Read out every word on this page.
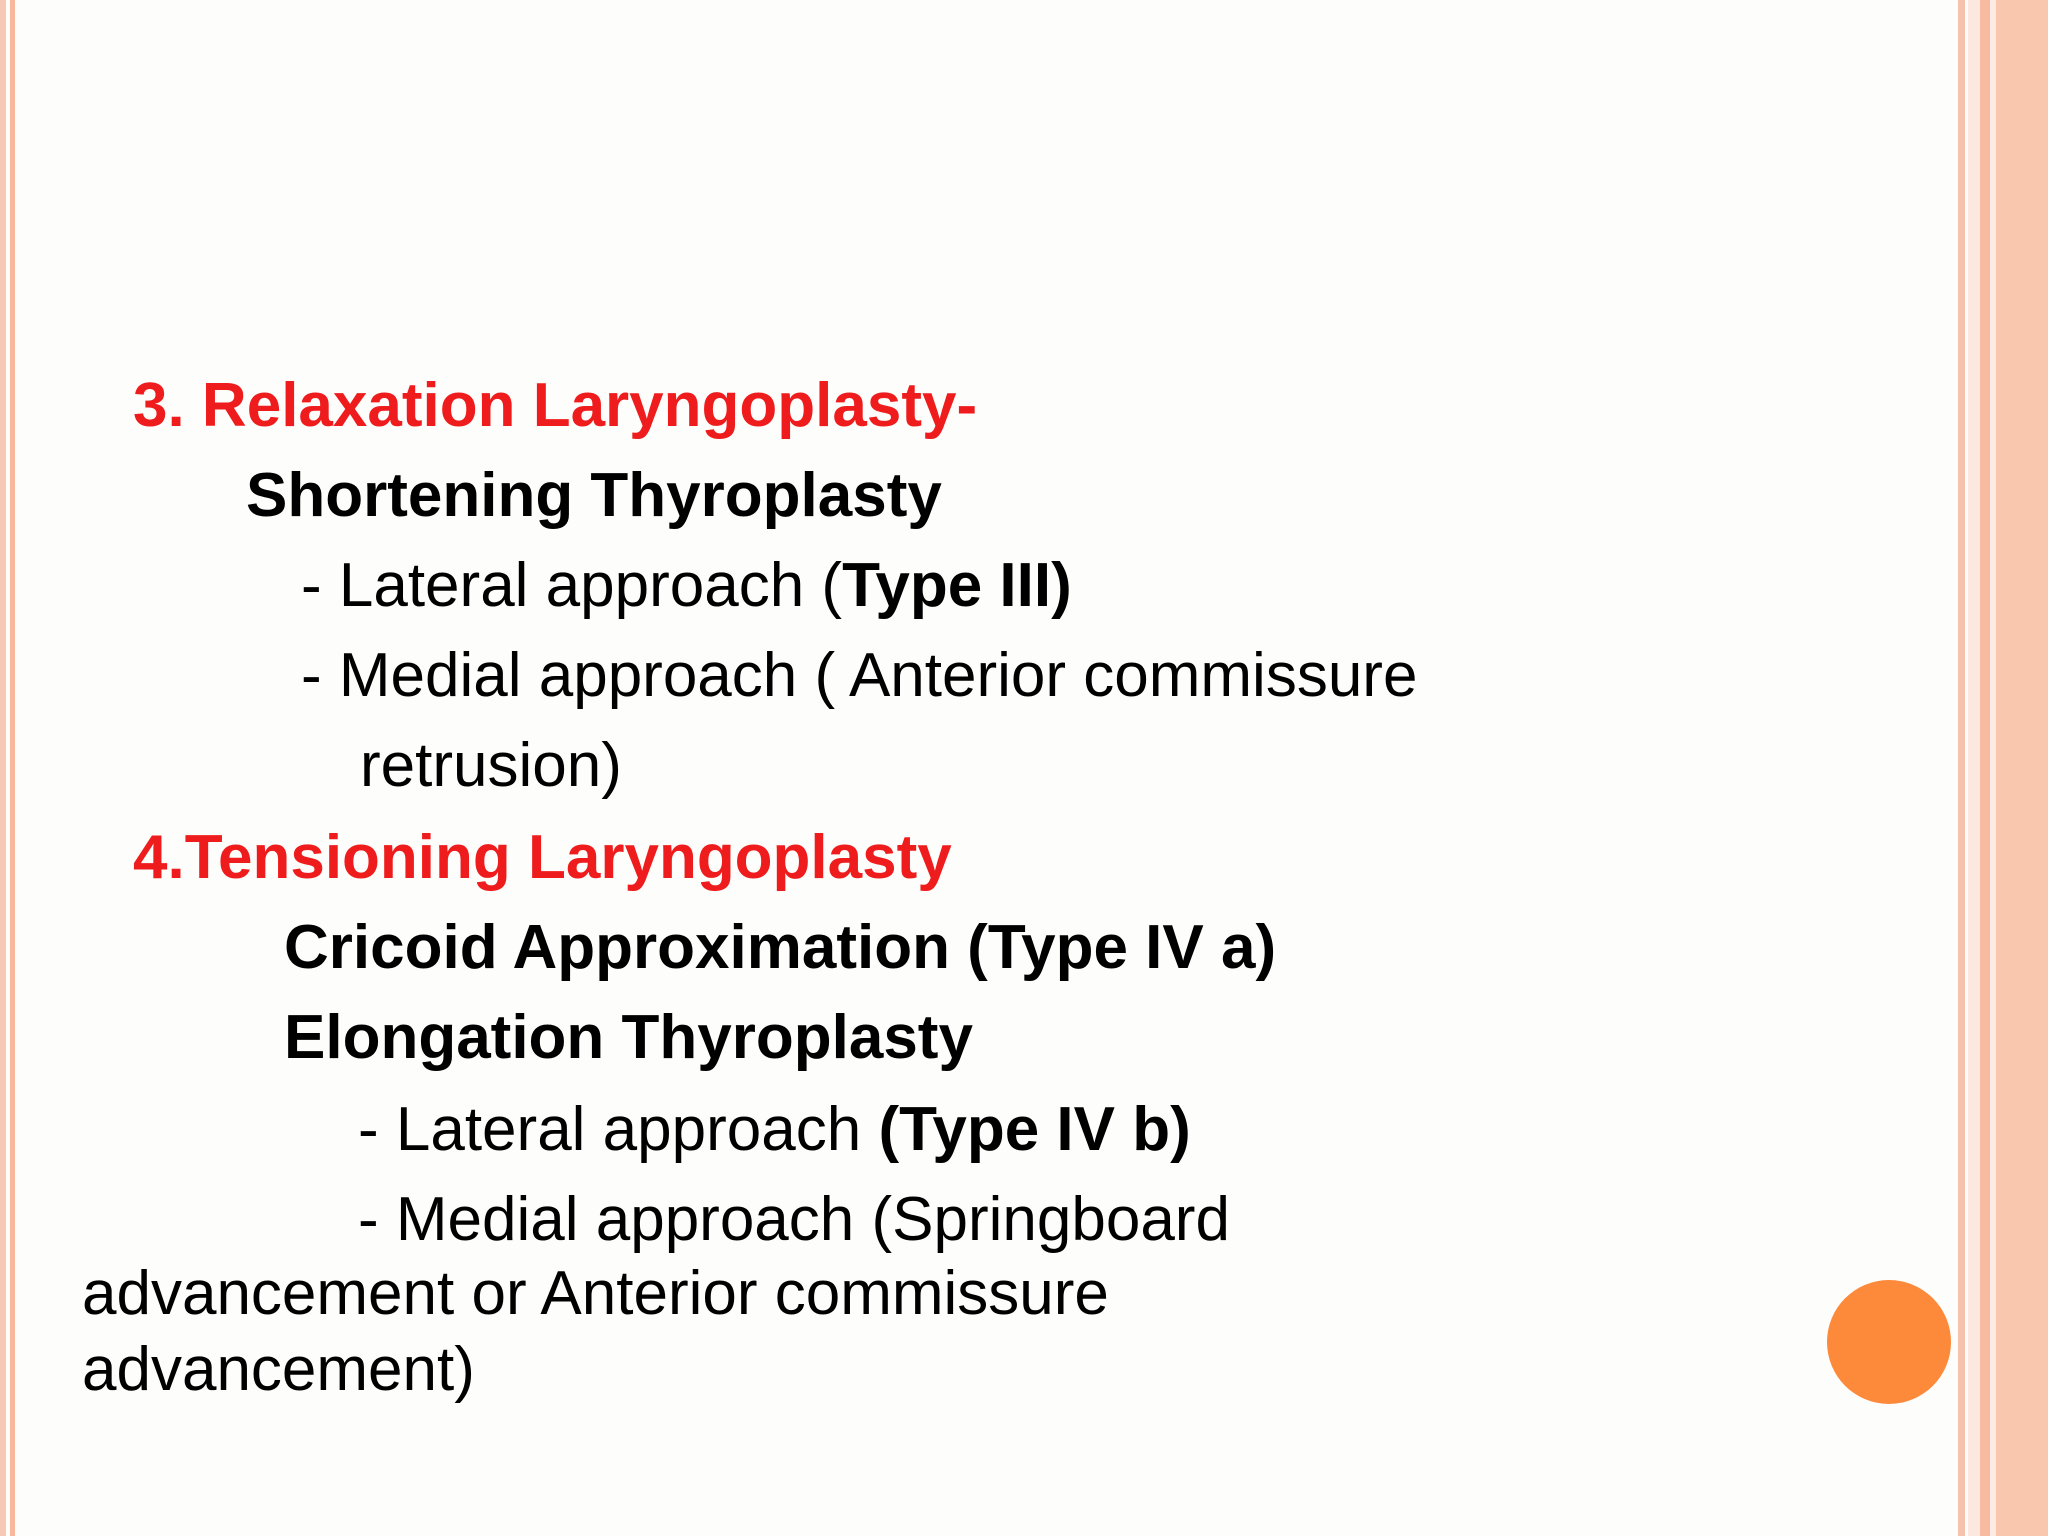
3. Relaxation Laryngoplasty-
Shortening Thyroplasty
- Lateral approach (Type III)
- Medial approach ( Anterior commissure
retrusion)
4.Tensioning Laryngoplasty
Cricoid Approximation (Type IV a)
Elongation Thyroplasty
- Lateral approach (Type IV b)
- Medial approach (Springboard
advancement or Anterior commissure
advancement)
